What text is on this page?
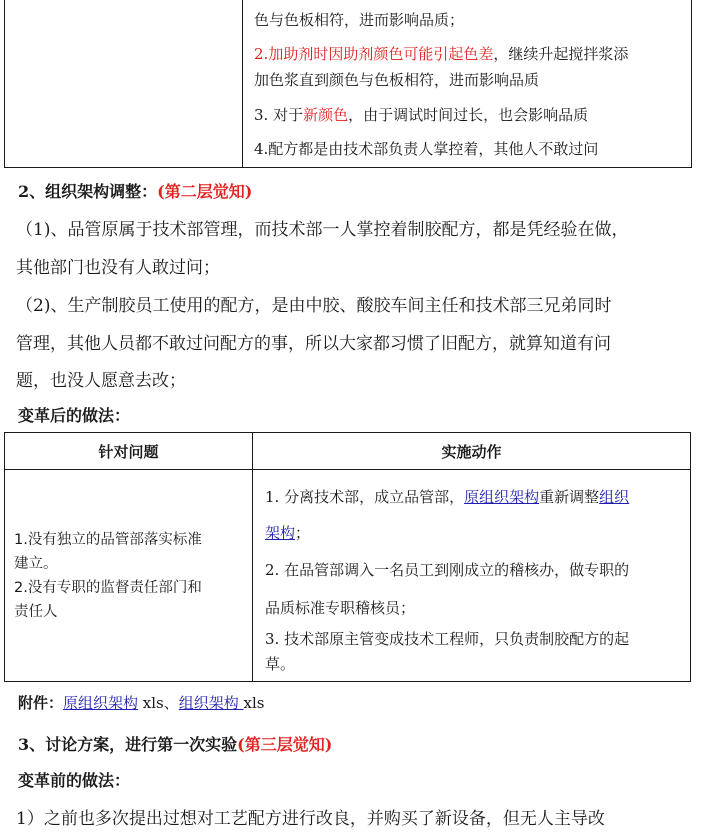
色与色板相符，进而影响品质；
2.加助剂时因助剂颜色可能引起色差，继续升起搅拌浆添
加色浆直到颜色与色板相符，进而影响品质
3. 对于新颜色，由于调试时间过长，也会影响品质
4.配方都是由技术部负责人掌控着，其他人不敢过问
2、组织架构调整：(第二层觉知)
（1)、品管原属于技术部管理，而技术部一人掌控着制胶配方，都是凭经验在做，
其他部门也没有人敢过问；
（2)、生产制胶员工使用的配方，是由中胶、酸胶车间主任和技术部三兄弟同时
管理，其他人员都不敢过问配方的事，所以大家都习惯了旧配方，就算知道有问
题，也没人愿意去改；
变革后的做法：
针对问题	实施动作
1.没有独立的品管部落实标准
建立。
2.没有专职的监督责任部门和
责任人
1. 分离技术部，成立品管部，原组织架构重新调整组织
架构；
2. 在品管部调入一名员工到刚成立的稽核办，做专职的
品质标准专职稽核员；
3. 技术部原主管变成技术工程师，只负责制胶配方的起
草。
附件：原组织架构 xls、组织架构 xls
3、讨论方案，进行第一次实验(第三层觉知)
变革前的做法：
1）之前也多次提出过想对工艺配方进行改良，并购买了新设备，但无人主导改
